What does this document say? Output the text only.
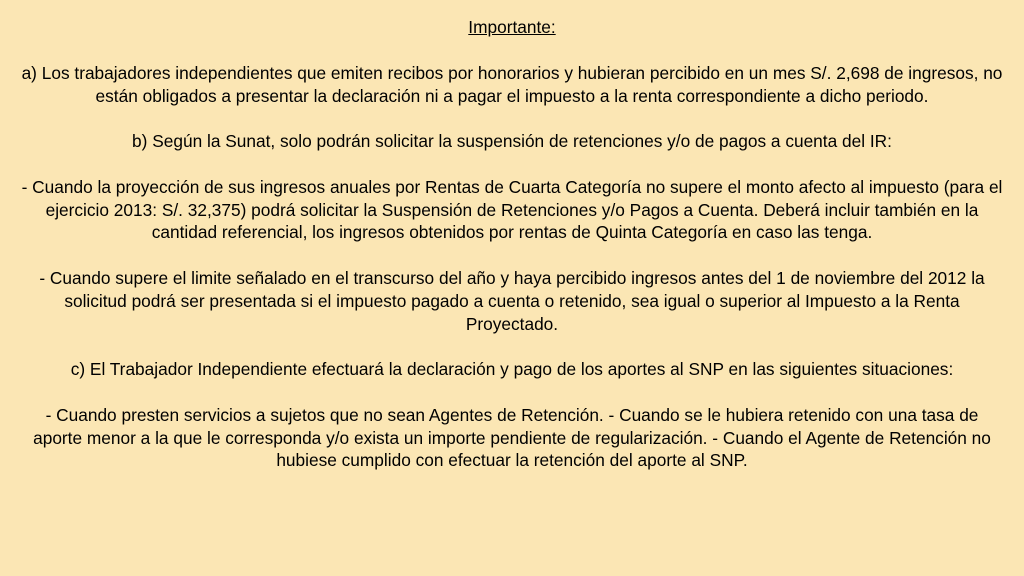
Importante:
a) Los trabajadores independientes que emiten recibos por honorarios y hubieran percibido en un mes S/. 2,698 de ingresos, no están obligados a presentar la declaración ni a pagar el impuesto a la renta correspondiente a dicho periodo.
b) Según la Sunat, solo podrán solicitar la suspensión de retenciones y/o de pagos a cuenta del IR:
- Cuando la proyección de sus ingresos anuales por Rentas de Cuarta Categoría no supere el monto afecto al impuesto (para el ejercicio 2013: S/. 32,375) podrá solicitar la Suspensión de Retenciones y/o Pagos a Cuenta. Deberá incluir también en la cantidad referencial, los ingresos obtenidos por rentas de Quinta Categoría en caso las tenga.
- Cuando supere el limite señalado en el transcurso del año y haya percibido ingresos antes del 1 de noviembre del 2012 la solicitud podrá ser presentada si el impuesto pagado a cuenta o retenido, sea igual o superior al Impuesto a la Renta Proyectado.
c) El Trabajador Independiente efectuará la declaración y pago de los aportes al SNP en las siguientes situaciones:
- Cuando presten servicios a sujetos que no sean Agentes de Retención. - Cuando se le hubiera retenido con una tasa de aporte menor a la que le corresponda y/o exista un importe pendiente de regularización. - Cuando el Agente de Retención no hubiese cumplido con efectuar la retención del aporte al SNP.
